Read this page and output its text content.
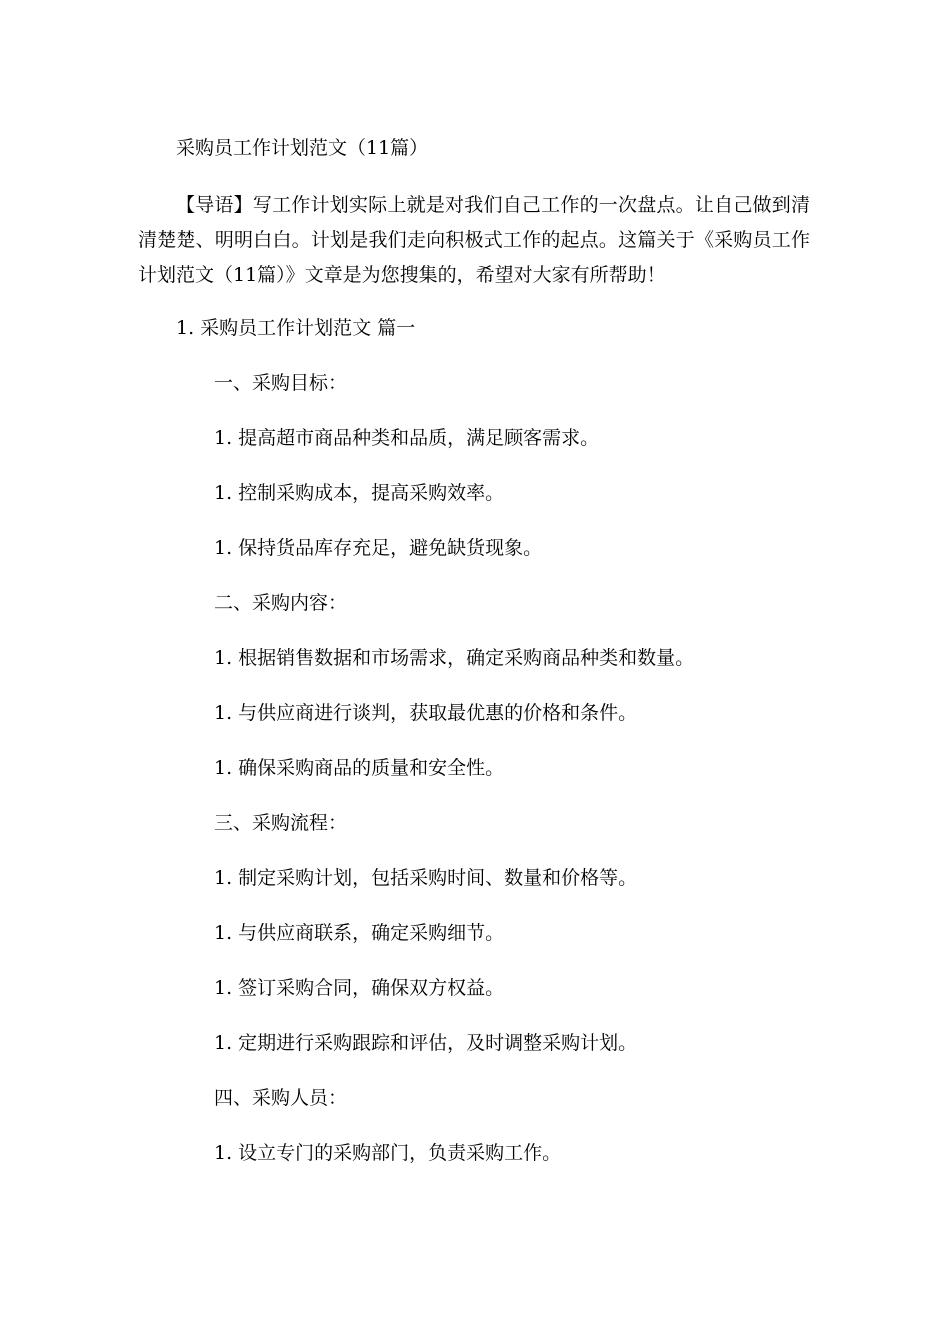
采购员工作计划范文（11篇）

【导语】写工作计划实际上就是对我们自己工作的一次盘点。让自己做到清清楚楚、明明白白。计划是我们走向积极式工作的起点。这篇关于《采购员工作计划范文（11篇）》文章是为您搜集的，希望对大家有所帮助！

1. 采购员工作计划范文 篇一

一、采购目标：

1. 提高超市商品种类和品质，满足顾客需求。

1. 控制采购成本，提高采购效率。

1. 保持货品库存充足，避免缺货现象。

二、采购内容：

1. 根据销售数据和市场需求，确定采购商品种类和数量。

1. 与供应商进行谈判，获取最优惠的价格和条件。

1. 确保采购商品的质量和安全性。

三、采购流程：

1. 制定采购计划，包括采购时间、数量和价格等。

1. 与供应商联系，确定采购细节。

1. 签订采购合同，确保双方权益。

1. 定期进行采购跟踪和评估，及时调整采购计划。

四、采购人员：

1. 设立专门的采购部门，负责采购工作。
